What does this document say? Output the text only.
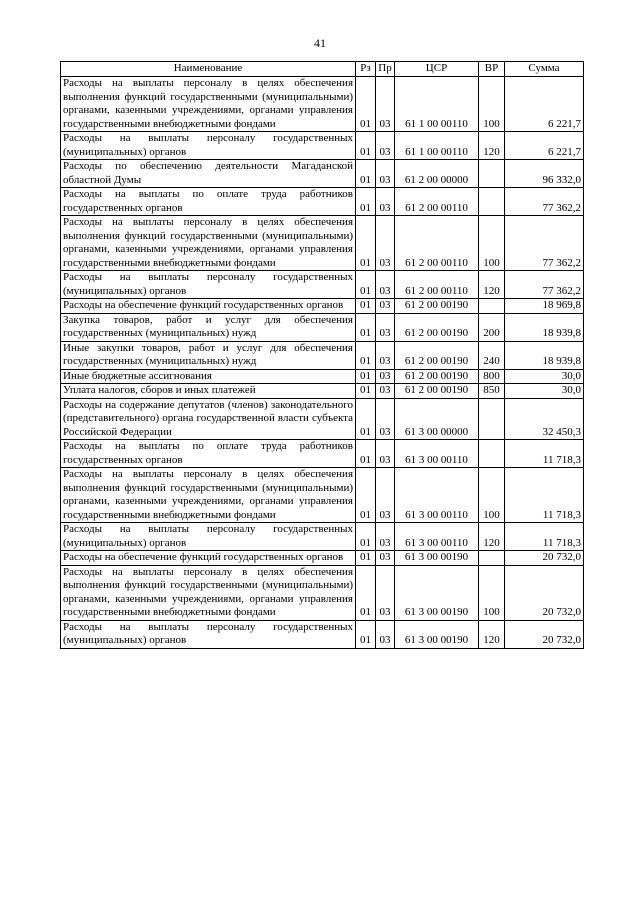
41
Наименование	Рз	Пр	ЦСР	ВР	Сумма
Расходы на выплаты персоналу в целях обеспечения выполнения функций государственными (муниципальными) органами, казенными учреждениями, органами управления государственными внебюджетными фондами	01	03	61 1 00 00110	100	6 221,7
Расходы на выплаты персоналу государственных (муниципальных) органов	01	03	61 1 00 00110	120	6 221,7
Расходы по обеспечению деятельности Магаданской областной Думы	01	03	61 2 00 00000		96 332,0
Расходы на выплаты по оплате труда работников государственных органов	01	03	61 2 00 00110		77 362,2
Расходы на выплаты персоналу в целях обеспечения выполнения функций государственными (муниципальными) органами, казенными учреждениями, органами управления государственными внебюджетными фондами	01	03	61 2 00 00110	100	77 362,2
Расходы на выплаты персоналу государственных (муниципальных) органов	01	03	61 2 00 00110	120	77 362,2
Расходы на обеспечение функций государственных органов	01	03	61 2 00 00190		18 969,8
Закупка товаров, работ и услуг для обеспечения государственных (муниципальных) нужд	01	03	61 2 00 00190	200	18 939,8
Иные закупки товаров, работ и услуг для обеспечения государственных (муниципальных) нужд	01	03	61 2 00 00190	240	18 939,8
Иные бюджетные ассигнования	01	03	61 2 00 00190	800	30,0
Уплата налогов, сборов и иных платежей	01	03	61 2 00 00190	850	30,0
Расходы на содержание депутатов (членов) законодательного (представительного) органа государственной власти субъекта Российской Федерации	01	03	61 3 00 00000		32 450,3
Расходы на выплаты по оплате труда работников государственных органов	01	03	61 3 00 00110		11 718,3
Расходы на выплаты персоналу в целях обеспечения выполнения функций государственными (муниципальными) органами, казенными учреждениями, органами управления государственными внебюджетными фондами	01	03	61 3 00 00110	100	11 718,3
Расходы на выплаты персоналу государственных (муниципальных) органов	01	03	61 3 00 00110	120	11 718,3
Расходы на обеспечение функций государственных органов	01	03	61 3 00 00190		20 732,0
Расходы на выплаты персоналу в целях обеспечения выполнения функций государственными (муниципальными) органами, казенными учреждениями, органами управления государственными внебюджетными фондами	01	03	61 3 00 00190	100	20 732,0
Расходы на выплаты персоналу государственных (муниципальных) органов	01	03	61 3 00 00190	120	20 732,0
